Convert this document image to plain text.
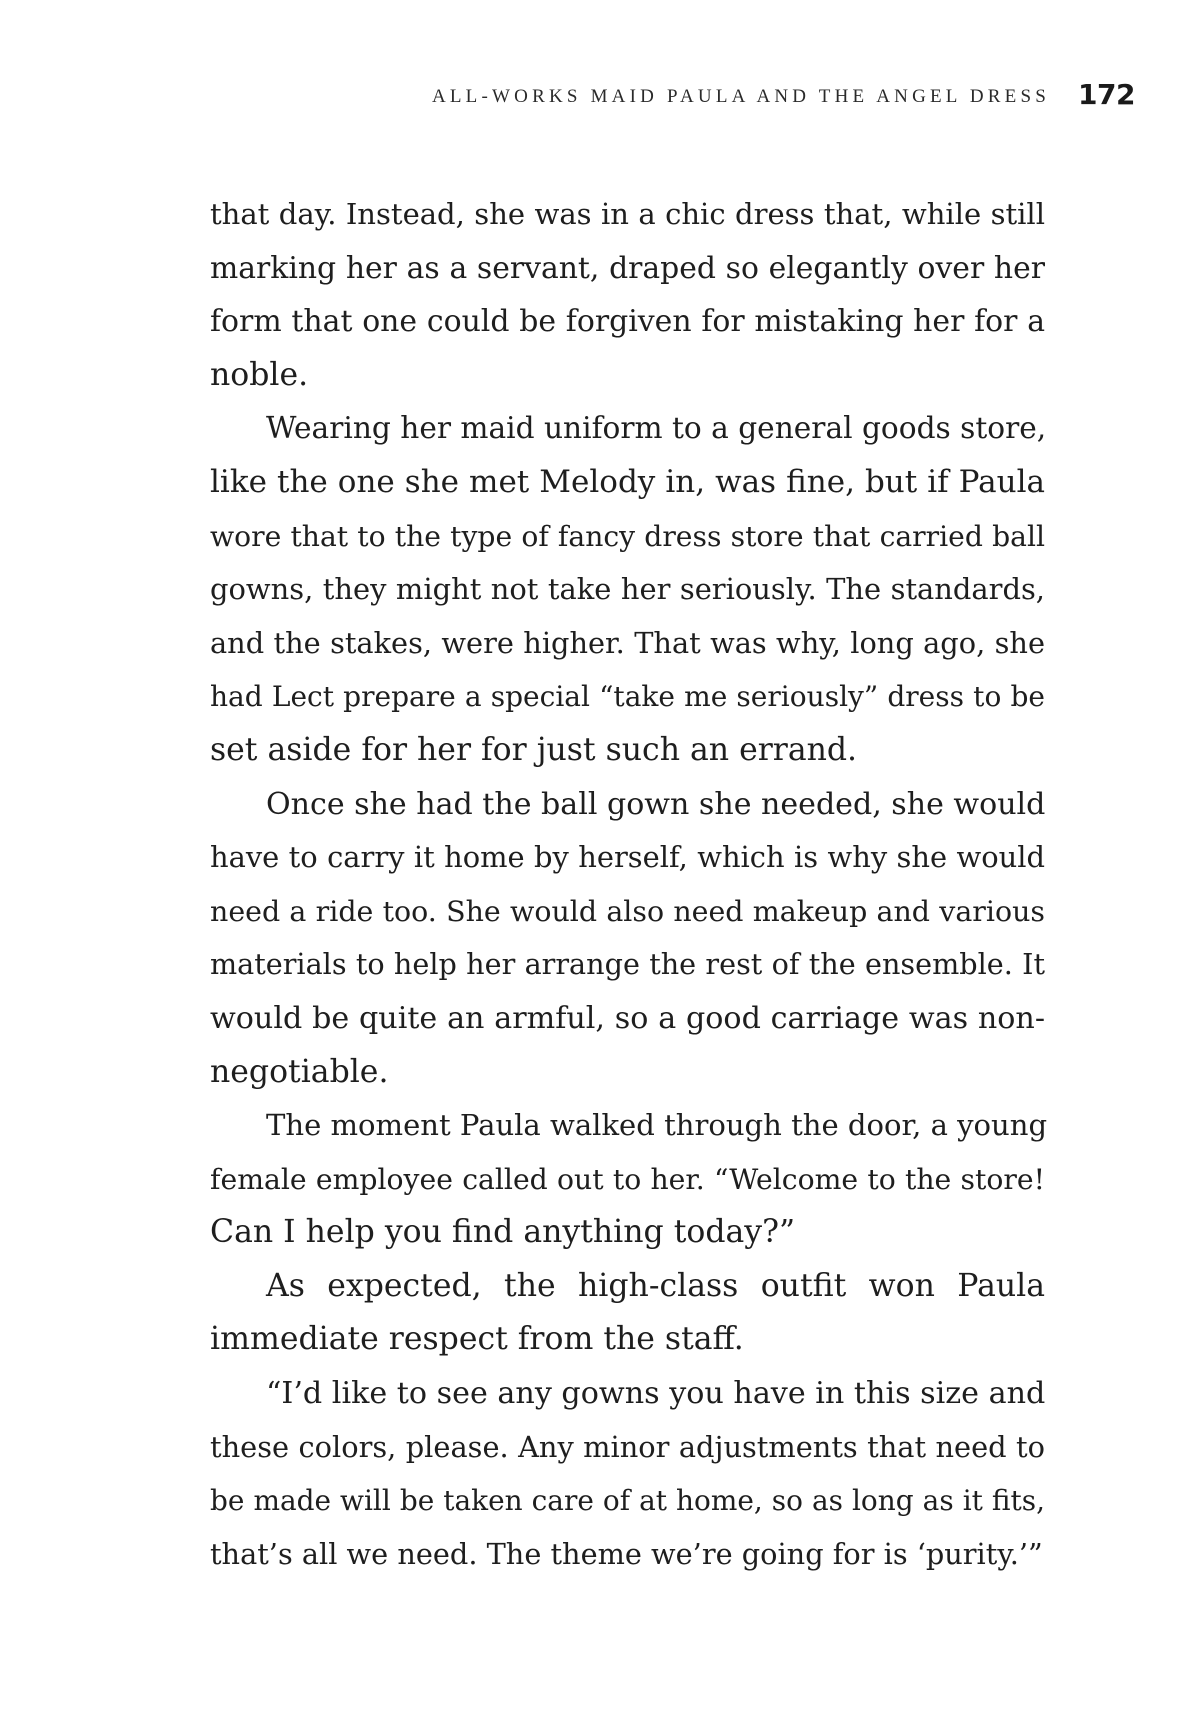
ALL-WORKS MAID PAULA AND THE ANGEL DRESS 172
that day. Instead, she was in a chic dress that, while still
marking her as a servant, draped so elegantly over her
form that one could be forgiven for mistaking her for a
noble.
Wearing her maid uniform to a general goods store,
like the one she met Melody in, was fine, but if Paula
wore that to the type of fancy dress store that carried ball
gowns, they might not take her seriously. The standards,
and the stakes, were higher. That was why, long ago, she
had Lect prepare a special “take me seriously” dress to be
set aside for her for just such an errand.
Once she had the ball gown she needed, she would
have to carry it home by herself, which is why she would
need a ride too. She would also need makeup and various
materials to help her arrange the rest of the ensemble. It
would be quite an armful, so a good carriage was non-
negotiable.
The moment Paula walked through the door, a young
female employee called out to her. “Welcome to the store!
Can I help you find anything today?”
As expected, the high-class outfit won Paula
immediate respect from the staff.
“I’d like to see any gowns you have in this size and
these colors, please. Any minor adjustments that need to
be made will be taken care of at home, so as long as it fits,
that’s all we need. The theme we’re going for is ‘purity.’”
